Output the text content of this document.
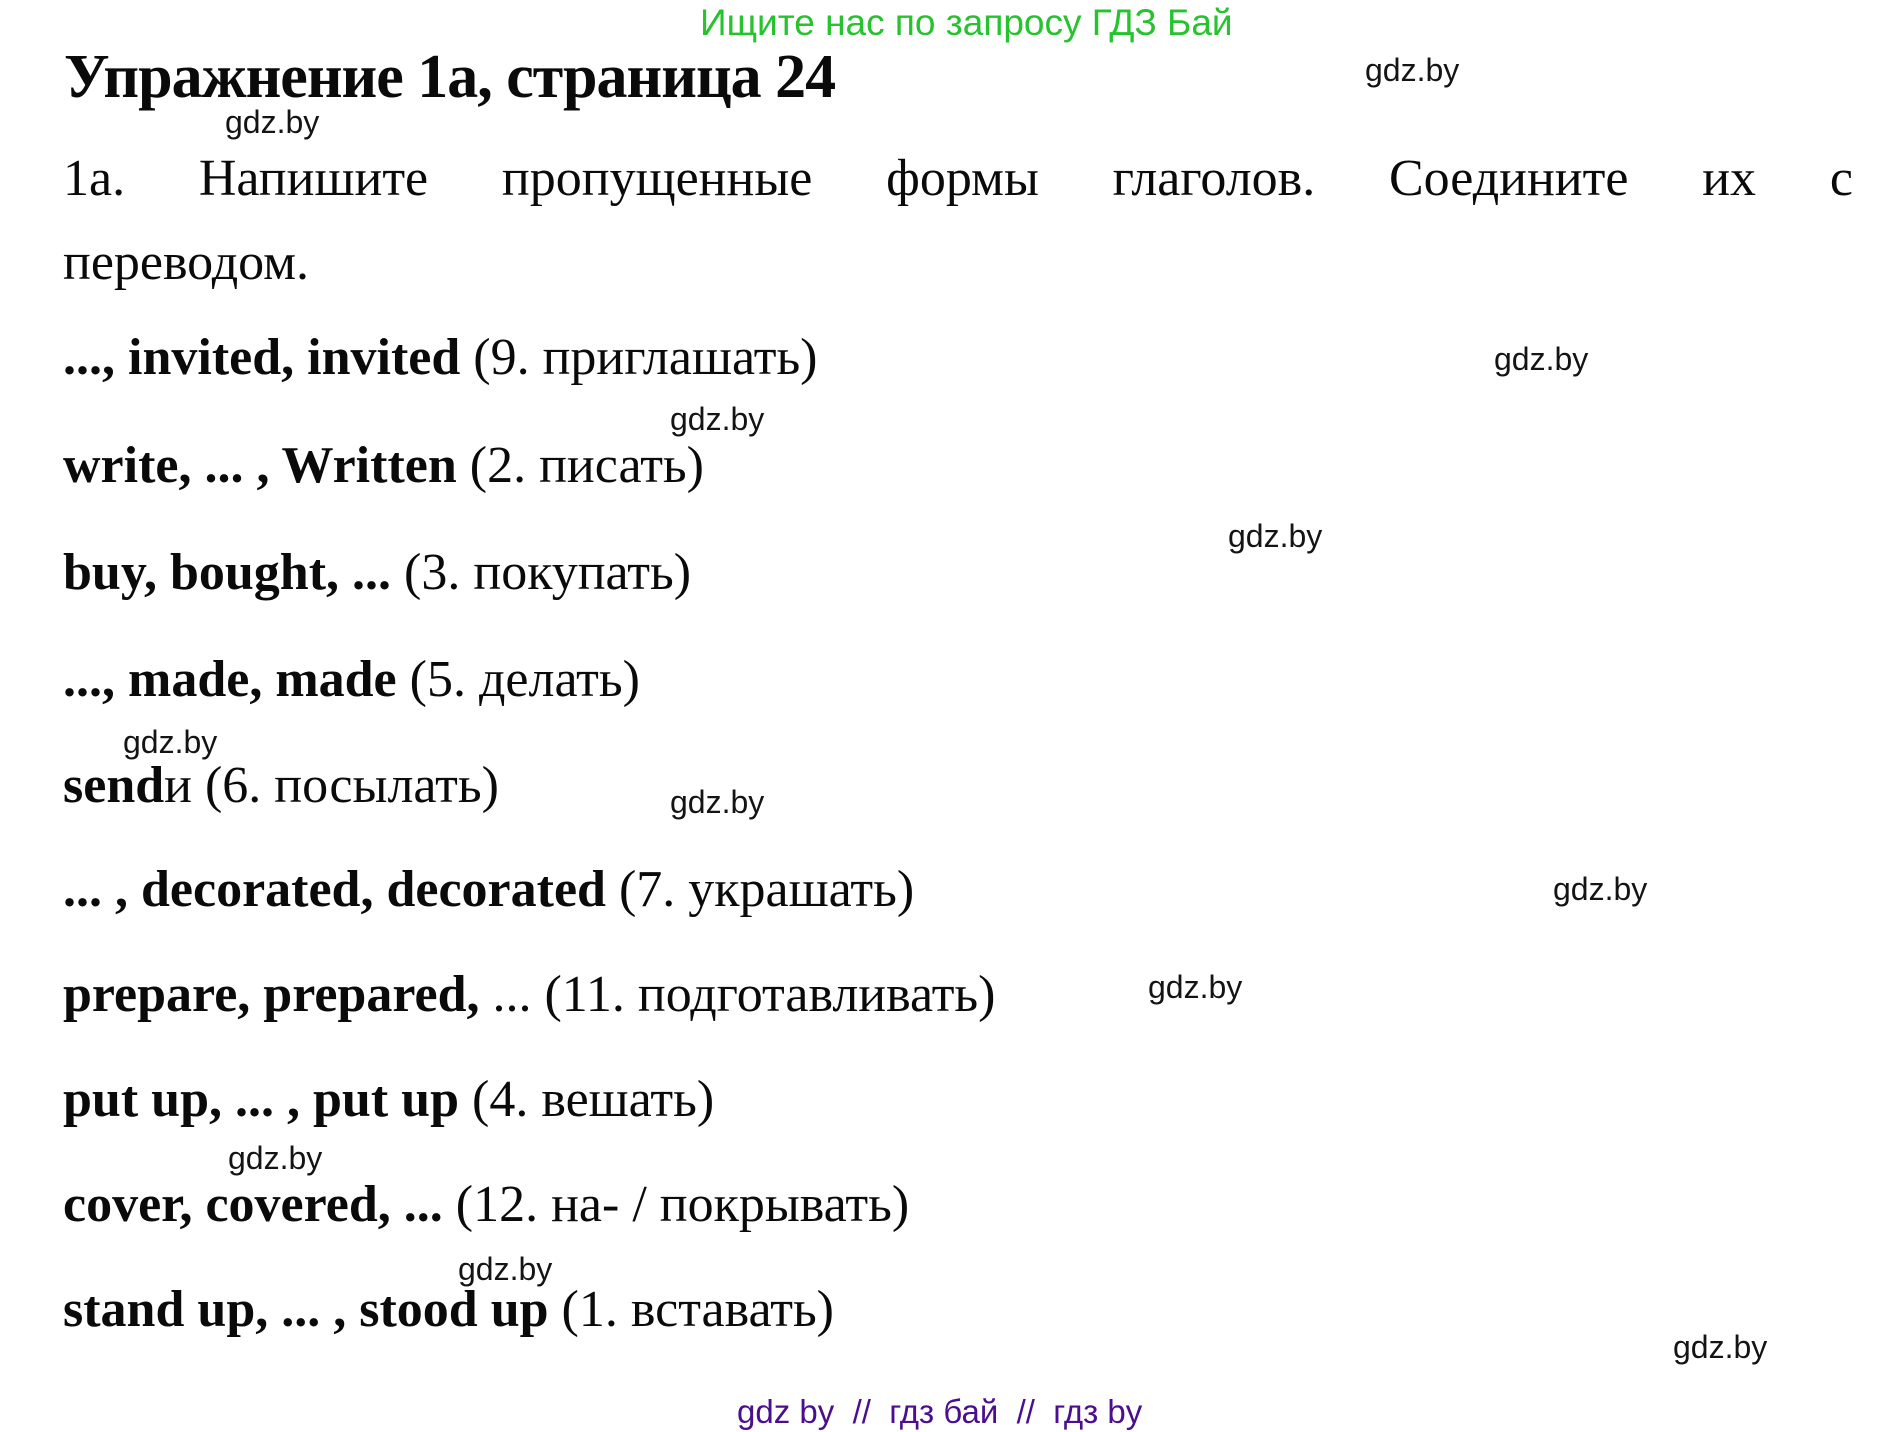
Ищите нас по запросу ГДЗ Бай
Упражнение 1а, страница 24
1а. Напишите пропущенные формы глаголов. Соедините их с
переводом.
..., invited, invited (9. приглашать)
write, ... , Written (2. писать)
buy, bought, ... (3. покупать)
..., made, made (5. делать)
sendи (6. посылать)
... , decorated, decorated (7. украшать)
prepare, prepared, ... (11. подготавливать)
put up, ... , put up (4. вешать)
cover, covered, ... (12. на- / покрывать)
stand up, ... , stood up (1. вставать)
gdz.by
gdz.by
gdz.by
gdz.by
gdz.by
gdz.by
gdz.by
gdz.by
gdz.by
gdz.by
gdz.by
gdz.by
gdz by  //  гдз бай  //  гдз by
